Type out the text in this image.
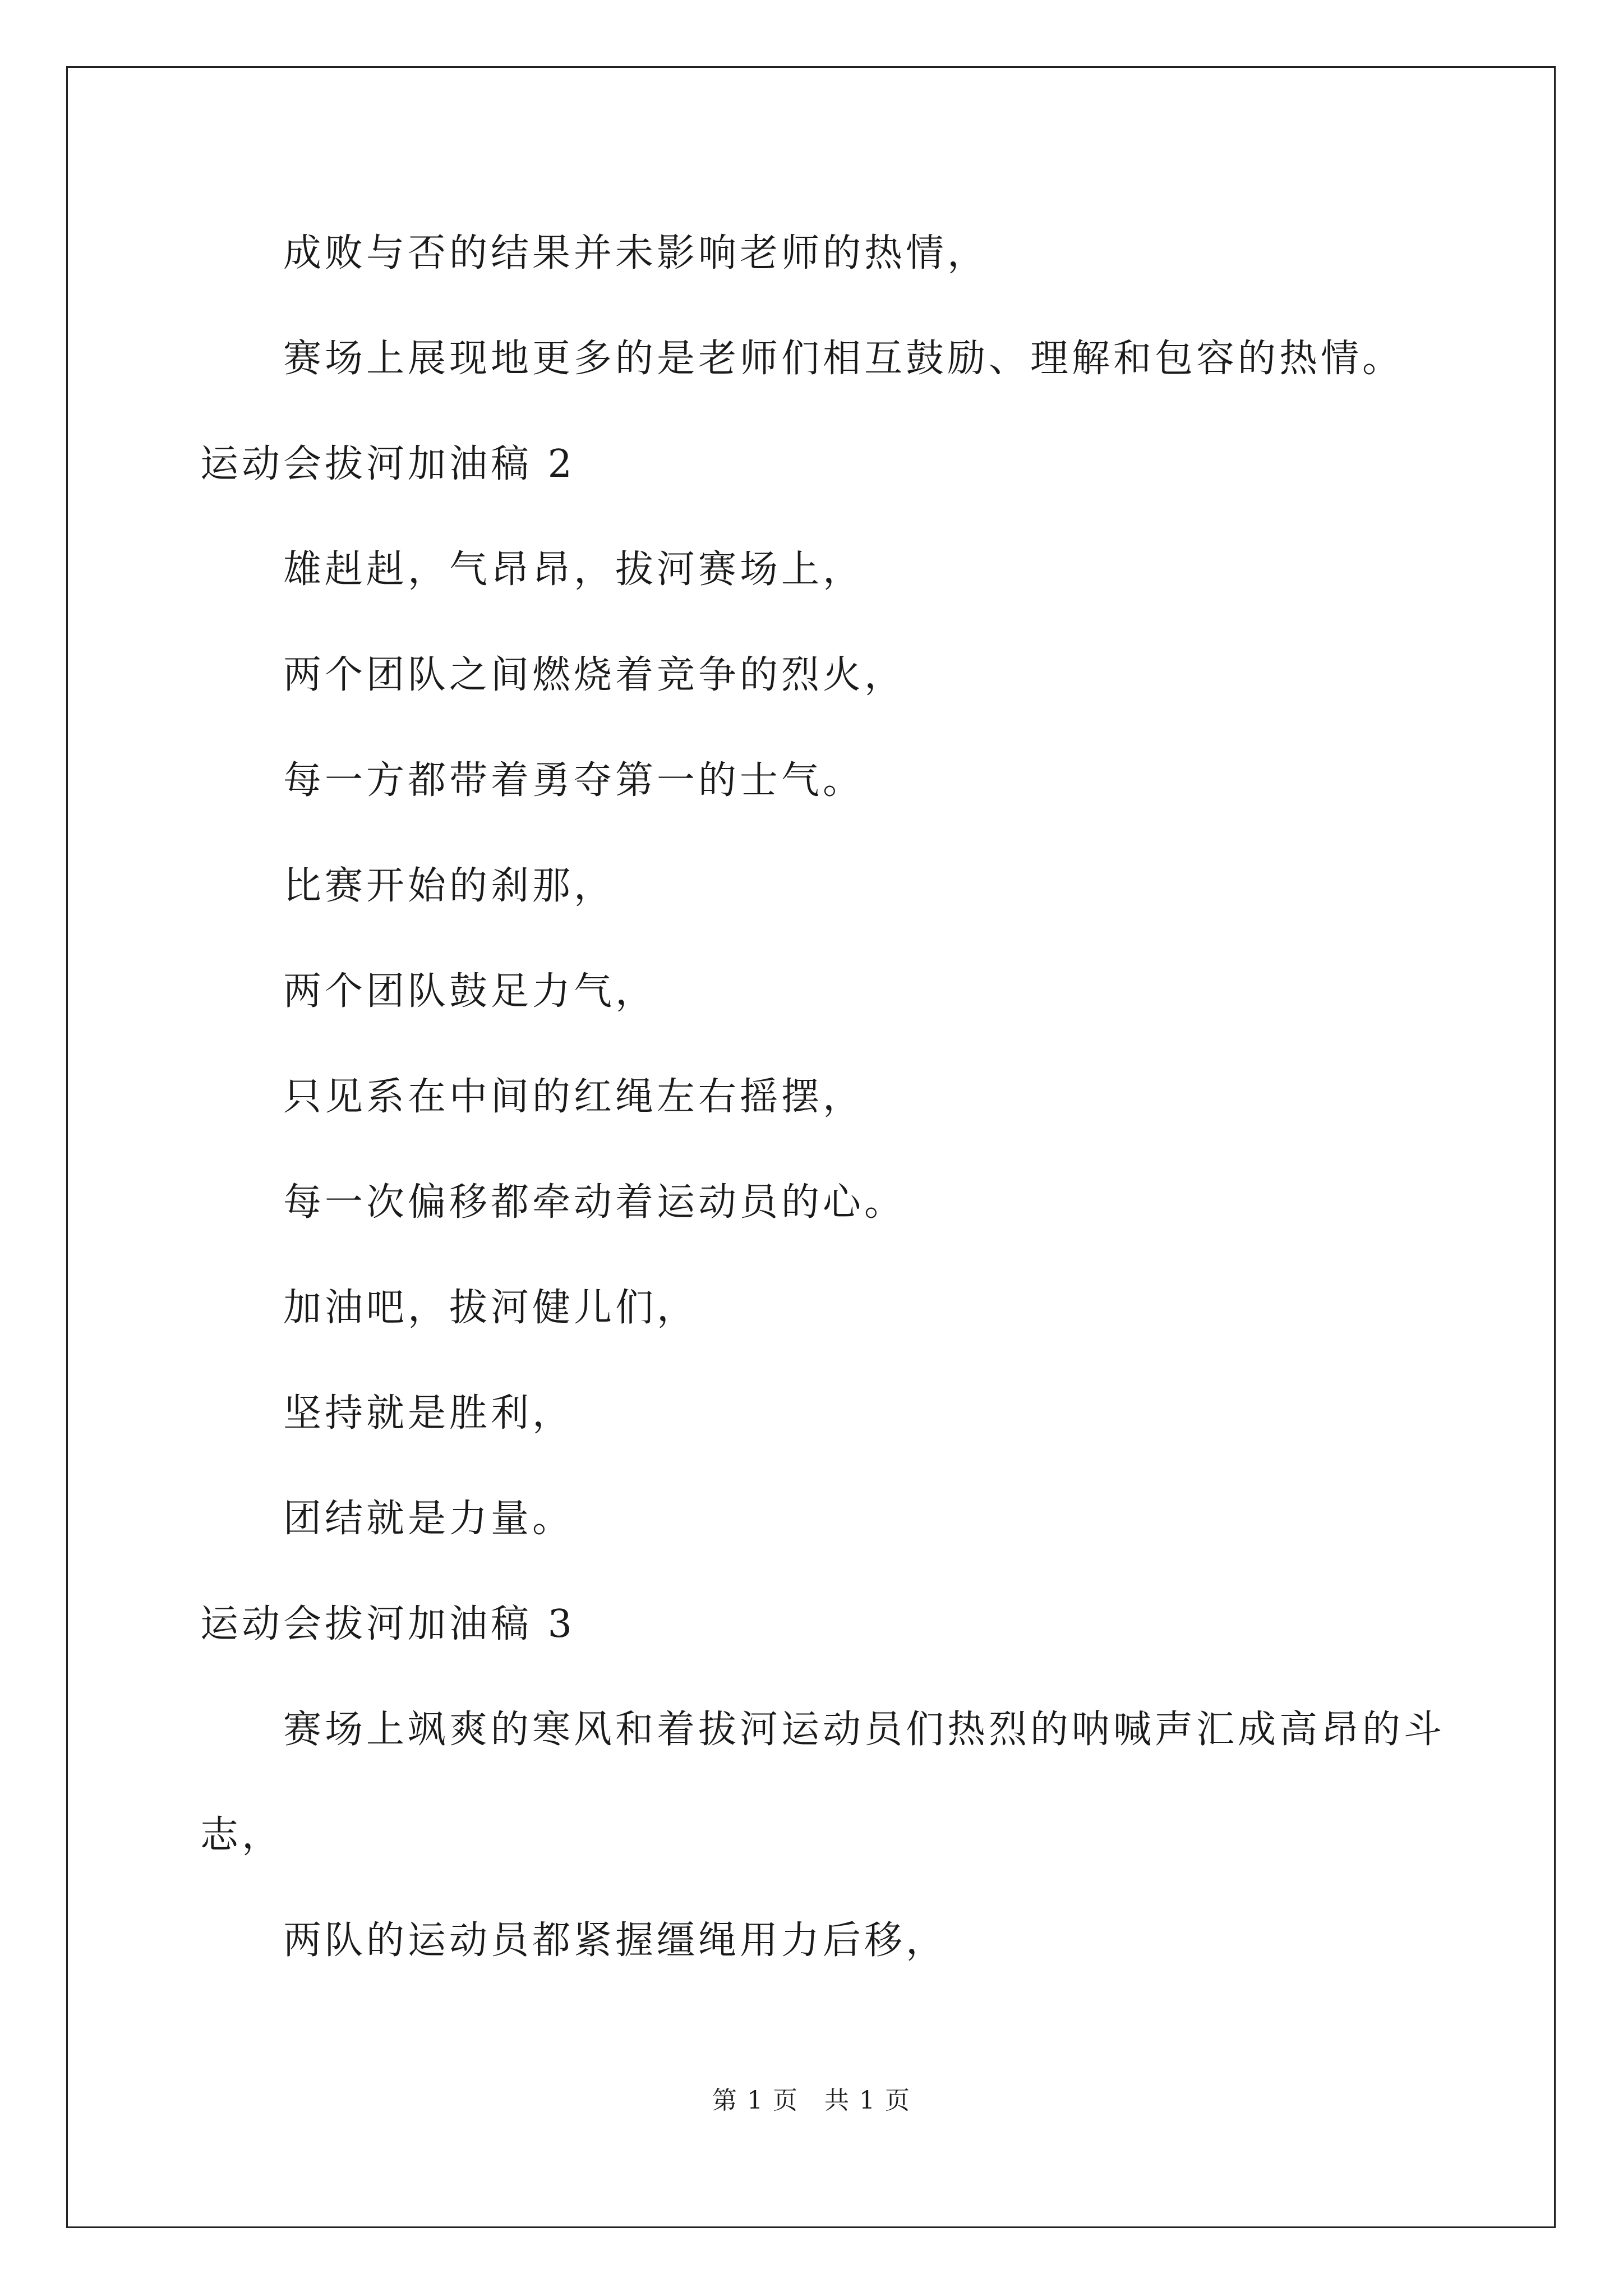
成败与否的结果并未影响老师的热情，
赛场上展现地更多的是老师们相互鼓励、理解和包容的热情。
运动会拔河加油稿 2
雄赳赳，气昂昂，拔河赛场上，
两个团队之间燃烧着竞争的烈火，
每一方都带着勇夺第一的士气。
比赛开始的刹那，
两个团队鼓足力气，
只见系在中间的红绳左右摇摆，
每一次偏移都牵动着运动员的心。
加油吧，拔河健儿们，
坚持就是胜利，
团结就是力量。
运动会拔河加油稿 3
赛场上飒爽的寒风和着拔河运动员们热烈的呐喊声汇成高昂的斗
志，
两队的运动员都紧握缰绳用力后移，
第 1 页　共 1 页
